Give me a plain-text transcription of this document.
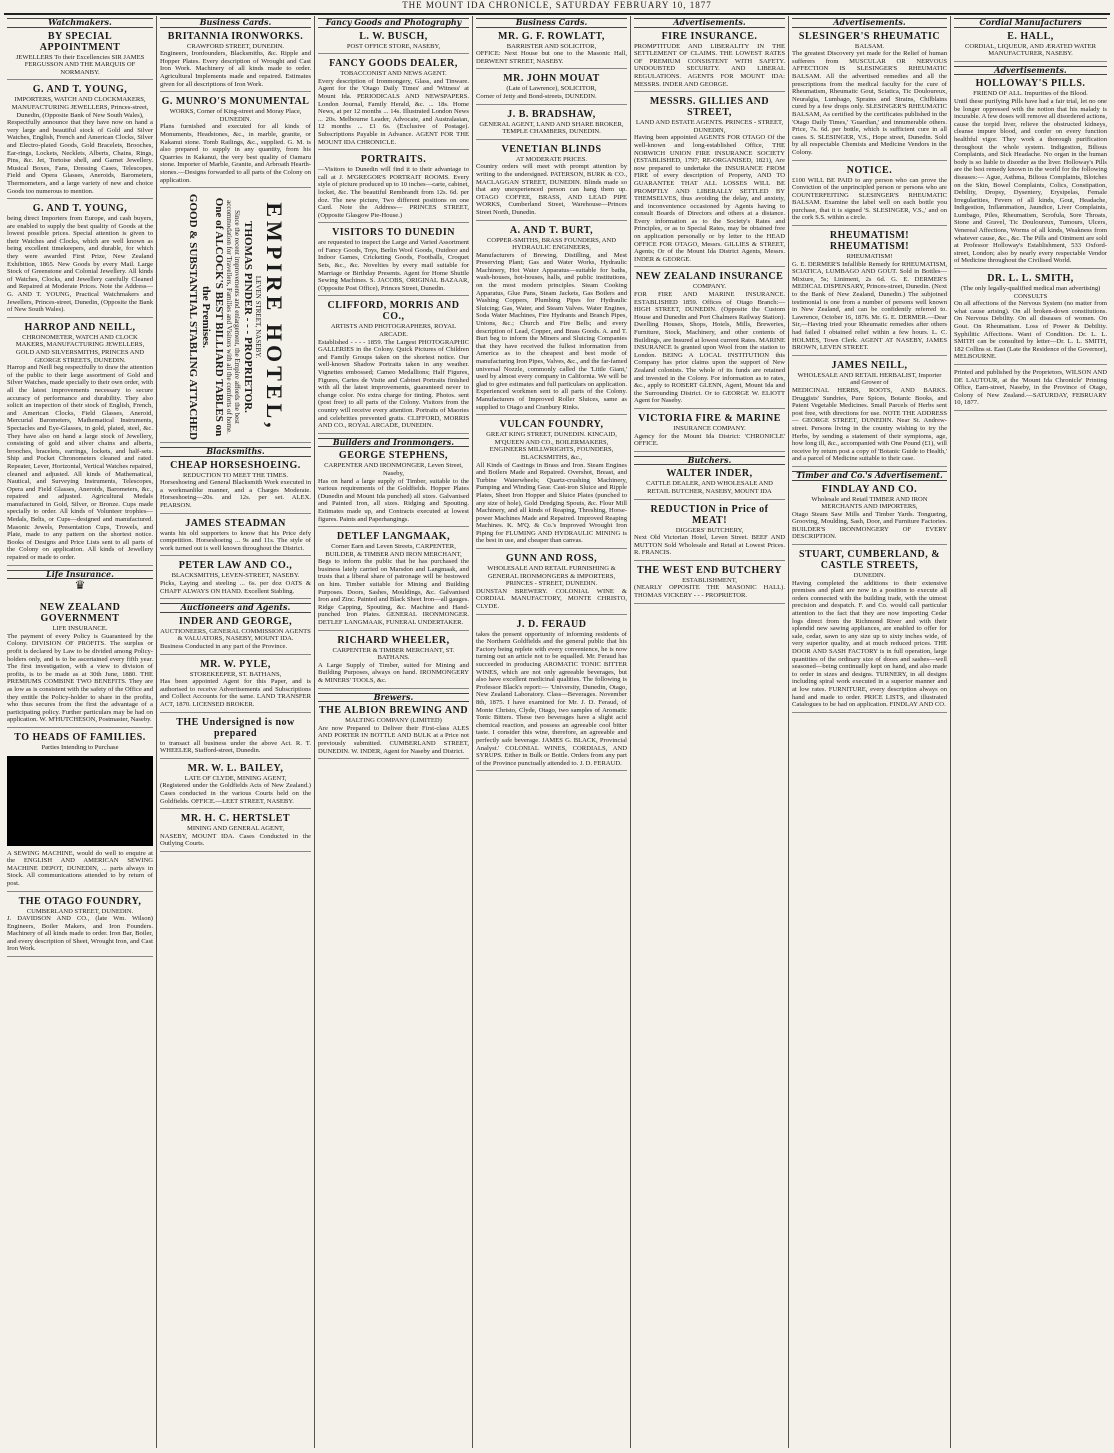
THE MOUNT IDA CHRONICLE, SATURDAY FEBRUARY 10, 1877
Watchmakers.
BY SPECIAL APPOINTMENT
JEWELLERS To their Excellencies SIR JAMES FERGUSSON AND THE MARQUIS OF NORMANBY.
G. AND T. YOUNG,
IMPORTERS, WATCH AND CLOCKMAKERS, MANUFACTURING JEWELLERS, Princes-street, Dunedin, (Opposite Bank of New South Wales),
Respectfully announce that they have now on hand a very large and beautiful stock of Gold and Silver Watches, English, French and American Clocks, Silver and Electro-plated Goods, Gold Bracelets, Brooches, Ear-rings, Lockets, Necklets, Alberts, Chains, Rings, Pins, &c. Jet, Tortoise shell, and Garnet Jewellery. Musical Boxes, Fans, Dressing Cases, Telescopes, Field and Opera Glasses, Aneroids, Barometers, Thermometers, and a large variety of new and choice Goods too numerous to mention.
G. AND T. YOUNG,
being direct Importers from Europe, and cash buyers, are enabled to supply the best quality of Goods at the lowest possible prices. Special attention is given to their Watches and Clocks, which are well known as being excellent timekeepers, and durable, for which they were awarded First Prize, New Zealand Exhibition, 1865. New Goods by every Mail. Large Stock of Greenstone and Colonial Jewellery. All kinds of Watches, Clocks, and Jewellery carefully Cleaned and Repaired at Moderate Prices. Note the Address— G. AND T. YOUNG, Practical Watchmakers and Jewellers, Princes-street, Dunedin, (Opposite the Bank of New South Wales).
HARROP AND NEILL,
CHRONOMETER, WATCH AND CLOCK MAKERS, MANUFACTURING JEWELLERS, GOLD AND SILVERSMITHS, PRINCES AND GEORGE STREETS, DUNEDIN.
Harrop and Neill beg respectfully to draw the attention of the public to their large assortment of Gold and Silver Watches, made specially to their own order, with all the latest improvements necessary to secure accuracy of performance and durability. They also solicit an inspection of their stock of English, French, and American Clocks, Field Glasses, Aneroid, Mercurial Barometers, Mathematical Instruments, Spectacles and Eye-Glasses, in gold, plated, steel, &c. They have also on hand a large stock of Jewellery, consisting of gold and silver chains and alberts, brooches, bracelets, earrings, lockets, and half-sets. Ship and Pocket Chronometers cleaned and rated. Repeater, Lever, Horizontal, Vertical Watches repaired, cleaned and adjusted. All kinds of Mathematical, Nautical, and Surveying Instruments, Telescopes, Opera and Field Glasses, Aneroids, Barometers, &c., repaired and adjusted. Agricultural Medals manufactured in Gold, Silver, or Bronze. Cups made specially to order. All kinds of Volunteer trophies—Medals, Belts, or Cups—designed and manufactured. Masonic Jewels, Presentation Cups, Trowels, and Plate, made to any pattern on the shortest notice. Books of Designs and Price Lists sent to all parts of the Colony on application. All kinds of Jewellery repaired or made to order.
Life Insurance.
♛
NEW ZEALAND GOVERNMENT
LIFE INSURANCE.
The payment of every Policy is Guaranteed by the Colony. DIVISION OF PROFITS. The surplus or profit is declared by Law to be divided among Policy-holders only, and is to be ascertained every fifth year. The first investigation, with a view to division of profits, is to be made as at 30th June, 1880. THE PREMIUMS COMBINE TWO BENEFITS. They are as low as is consistent with the safety of the Office and they entitle the Policy-holder to share in the profits, who thus secures from the first the advantage of a participating policy. Further particulars may be had on application. W. M'HUTCHESON, Postmaster, Naseby.
TO HEADS OF FAMILIES.
Parties Intending to Purchase
A SEWING MACHINE, would do well to enquire at the ENGLISH AND AMERICAN SEWING MACHINE DEPOT, DUNEDIN, ... parts always in Stock. All communications attended to by return of post.
THE OTAGO FOUNDRY,
CUMBERLAND STREET, DUNEDIN.
J. DAVIDSON AND CO., (late Wm. Wilson) Engineers, Boiler Makers, and Iron Founders. Machinery of all kinds made to order. Iron Bar, Boiler, and every description of Sheet, Wrought Iron, and Cast Iron Work.
Business Cards.
BRITANNIA IRONWORKS.
CRAWFORD STREET, DUNEDIN.
Engineers, Ironfounders, Blacksmiths, &c. Ripple and Hopper Plates. Every description of Wrought and Cast Iron Work. Machinery of all kinds made to order. Agricultural Implements made and repaired. Estimates given for all descriptions of Iron Work.
G. MUNRO'S MONUMENTAL
WORKS, Corner of King-street and Moray Place, DUNEDIN.
Plans furnished and executed for all kinds of Monuments, Headstones, &c., in marble, granite, or Kakanui stone. Tomb Railings, &c., supplied. G. M. is also prepared to supply in any quantity, from his Quarries in Kakanui, the very best quality of Oamaru stone. Importer of Marble, Granite, and Arbroath Hearth-stones.—Designs forwarded to all parts of the Colony on application.
EMPIRE HOTEL,
LEVEN STREET, NASEBY.
THOMAS PINDER - - - PROPRIETOR.
Since the recent improvements and enlargement, the Empire affords the best accommodation for Travellers, Families and Visitors with all the comforts of home.
One of ALCOCK'S BEST BILLIARD TABLES on the Premises.
GOOD & SUBSTANTIAL STABLING ATTACHED
Blacksmiths.
CHEAP HORSESHOEING.
REDUCTION TO MEET THE TIMES.
Horseshoeing and General Blacksmith Work executed in a workmanlike manner, and a Charges Moderate. Horseshoeing—20s. and 12s. per set. ALEX. PEARSON.
JAMES STEADMAN
wants his old supporters to know that his Price defy competition. Horseshoeing ... 9s and 11s. The style of work turned out is well known throughout the District.
PETER LAW AND CO.,
BLACKSMITHS, LEVEN-STREET, NASEBY.
Picks, Laying and steeling ... 6s. per doz OATS & CHAFF ALWAYS ON HAND. Excellent Stabling.
Auctioneers and Agents.
INDER AND GEORGE,
AUCTIONEERS, GENERAL COMMISSION AGENTS & VALUATORS, NASEBY, MOUNT IDA.
Business Conducted in any part of the Province.
MR. W. PYLE,
STOREKEEPER, ST. BATHANS,
Has been appointed Agent for this Paper, and is authorised to receive Advertisements and Subscriptions and Collect Accounts for the same. LAND TRANSFER ACT, 1870. LICENSED BROKER.
THE Undersigned is now prepared
to transact all business under the above Act. R. T. WHEELER, Stafford-street, Dunedin.
MR. W. L. BAILEY,
LATE OF CLYDE, MINING AGENT,
(Registered under the Goldfields Acts of New Zealand.) Cases conducted in the various Courts held on the Goldfields. OFFICE.—LEET STREET, NASEBY.
MR. H. C. HERTSLET
MINING AND GENERAL AGENT,
NASEBY, MOUNT IDA. Cases Conducted in the Outlying Courts.
Fancy Goods and Photography
L. W. BUSCH,
POST OFFICE STORE, NASEBY,
FANCY GOODS DEALER,
TOBACCONIST AND NEWS AGENT.
Every description of Ironmongery, Glass, and Tinware. Agent for the 'Otago Daily Times' and 'Witness' at Mount Ida. PERIODICALS AND NEWSPAPERS. London Journal, Family Herald, &c. ... 18s. Home News, at per 12 months ... 14s. Illustrated London News ... 20s. Melbourne Leader, Advocate, and Australasian, 12 months ... £1 6s. (Exclusive of Postage). Subscriptions Payable in Advance. AGENT FOR THE MOUNT IDA CHRONICLE.
PORTRAITS.
—Visitors to Dunedin will find it to their advantage to call at J. M'GREGOR'S PORTRAIT ROOMS. Every style of picture produced up to 10 inches—carte, cabinet, locket, &c. The beautiful Rembrandt from 12s. 6d. per doz. The new picture, Two different positions on one Card. Note the Address— PRINCES STREET, (Opposite Glasgow Pie-House.)
VISITORS TO DUNEDIN
are requested to inspect the Large and Varied Assortment of Fancy Goods, Toys, Berlin Wool Goods, Outdoor and Indoor Games, Cricketing Goods, Footballs, Croquet Sets, &c., &c. Novelties by every mail suitable for Marriage or Birthday Presents. Agent for Home Shuttle Sewing Machines. S. JACOBS, ORIGINAL BAZAAR, (Opposite Post Office), Princes Street, Dunedin.
CLIFFORD, MORRIS AND CO.,
ARTISTS AND PHOTOGRAPHERS, ROYAL ARCADE.
Established - - - - 1859. The Largest PHOTOGRAPHIC GALLERIES in the Colony. Quick Pictures of Children and Family Groups taken on the shortest notice. Our well-known Shadow Portraits taken in any weather. Vignettes embossed; Cameo Medallions; Half Figures, Figures, Cartes de Visite and Cabinet Portraits finished with all the latest improvements, guaranteed never to change color. No extra charge for tinting. Photos. sent (post free) to all parts of the Colony. Visitors from the country will receive every attention. Portraits of Maories and celebrities prevented gratis. CLIFFORD, MORRIS AND CO., ROYAL ARCADE, DUNEDIN.
Builders and Ironmongers.
GEORGE STEPHENS,
CARPENTER AND IRONMONGER, Leven Street, Naseby,
Has on hand a large supply of Timber, suitable to the various requirements of the Goldfields. Hopper Plates (Dunedin and Mount Ida punched) all sizes. Galvanised and Painted Iron, all sizes. Ridging and Spouting. Estimates made up, and Contracts executed at lowest figures. Paints and Paperhangings.
DETLEF LANGMAAK,
Corner Earn and Leven Streets, CARPENTER, BUILDER, & TIMBER AND IRON MERCHANT,
Begs to inform the public that he has purchased the business lately carried on Marsdon and Langmaak, and trusts that a liberal share of patronage will be bestowed on him. Timber suitable for Mining and Building Purposes. Doors, Sashes, Mouldings, &c. Galvanised Iron and Zinc. Painted and Black Sheet Iron—all gauges. Ridge Capping, Spouting, &c. Machine and Hand-punched Iron Plates. GENERAL IRONMONGER. DETLEF LANGMAAK, FUNERAL UNDERTAKER.
RICHARD WHEELER,
CARPENTER & TIMBER MERCHANT, ST. BATHANS.
A Large Supply of Timber, suited for Mining and Building Purposes, always on hand. IRONMONGERY & MINERS' TOOLS, &c.
Brewers.
THE ALBION BREWING AND
MALTING COMPANY (LIMITED)
Are now Prepared to Deliver their First-class ALES AND PORTER IN BOTTLE AND BULK at a Price not previously submitted. CUMBERLAND STREET, DUNEDIN. W. INDER, Agent for Naseby and District.
Business Cards.
MR. G. F. ROWLATT,
BARRISTER AND SOLICITOR,
OFFICE: Next House but one to the Masonic Hall, DERWENT STREET, NASEBY.
MR. JOHN MOUAT
(Late of Lawrence), SOLICITOR,
Corner of Jetty and Bond-streets, DUNEDIN.
J. B. BRADSHAW,
GENERAL AGENT, LAND AND SHARE BROKER, TEMPLE CHAMBERS, DUNEDIN.
VENETIAN BLINDS
AT MODERATE PRICES.
Country orders will meet with prompt attention by writing to the undersigned. PATERSON, BURK & CO., MACLAGGAN STREET, DUNEDIN. Blinds made so that any unexperienced person can hang them up. OTAGO COFFEE, BRASS, AND LEAD PIPE WORKS, Cumberland Street, Warehouse—Princes Street North, Dunedin.
A. AND T. BURT,
COPPER-SMITHS, BRASS FOUNDERS, AND HYDRAULIC ENGINEERS,
Manufacturers of Brewing, Distilling, and Mest Preserving Plant; Gas and Water Works, Hydraulic Machinery, Hot Water Apparatus—suitable for baths, wash-houses, hot-houses, halls, and public institutions, on the most modern principles. Steam Cooking Apparatus, Glue Pans, Steam Jackets, Gas Boilers and Washing Coppers, Plumbing Pipes for Hydraulic Sluicing; Gas, Water, and Steam Valves. Water Engines, Soda Water Machines, Fire Hydrants and Branch Pipes, Unions, &c.; Church and Fire Bells; and every description of Lead, Copper, and Brass Goods. A. and T. Burt beg to inform the Miners and Sluicing Companies that they have received the fullest information from America as to the cheapest and best mode of manufacturing Iron Pipes, Valves, &c., and the far-famed universal Nozzle, commonly called the 'Little Giant,' used by almost every company in California. We will be glad to give estimates and full particulars on application. Experienced workmen sent to all parts of the Colony. Manufacturers of Improved Roller Sluices, same as supplied to Otago and Cranbury Rinks.
VULCAN FOUNDRY,
GREAT KING STREET, DUNEDIN. KINCAID, M'QUEEN AND CO., BOILERMAKERS, ENGINEERS MILLWRIGHTS, FOUNDERS, BLACKSMITHS, &c.,
All Kinds of Castings in Brass and Iron. Steam Engines and Boilers Made and Repaired. Overshot, Breast, and Turbine Waterwheels; Quartz-crushing Machinery, Pumping and Winding Gear. Cast-iron Sluice and Ripple Plates, Sheet Iron Hopper and Sluice Plates (punched to any size of hole), Gold Dredging Spouts, &c. Flour Mill Machinery, and all kinds of Reaping, Threshing, Horse-power Machines Made and Repaired. Improved Reaping Machines. K. M'Q. & Co.'s Improved Wrought Iron Piping for FLUMING AND HYDRAULIC MINING is the best in use, and cheaper than canvas.
GUNN AND ROSS,
WHOLESALE AND RETAIL FURNISHING & GENERAL IRONMONGERS & IMPORTERS, PRINCES - STREET, DUNEDIN.
DUNSTAN BREWERY. COLONIAL WINE & CORDIAL MANUFACTORY, MONTE CHRISTO, CLYDE.
J. D. FERAUD
takes the present opportunity of informing residents of the Northern Goldfields and the general public that his Factory being replete with every convenience, he is now turning out an article not to be equalled. Mr. Feraud has succeeded in producing AROMATIC TONIC BITTER WINES, which are not only agreeable beverages, but also have excellent medicinal qualities. The following is Professor Black's report:— 'University, Dunedin, Otago, New Zealand Laboratory. Class—Beverages. November 8th, 1875. I have examined for Mr. J. D. Feraud, of Monte Christo, Clyde, Otago, two samples of Aromatic Tonic Bitters. These two beverages have a slight acid chemical reaction, and possess an agreeable cool bitter taste. I consider this wine, therefore, an agreeable and perfectly safe beverage. JAMES G. BLACK, Provincial Analyst.' COLONIAL WINES, CORDIALS, AND SYRUPS. Either in Bulk or Bottle. Orders from any part of the Province punctually attended to. J. D. FERAUD.
Advertisements.
FIRE INSURANCE.
PROMPTITUDE AND LIBERALITY IN THE SETTLEMENT OF CLAIMS. THE LOWEST RATES OF PREMIUM CONSISTENT WITH SAFETY. UNDOUBTED SECURITY. AND LIBERAL REGULATIONS. AGENTS FOR MOUNT IDA: MESSRS. INDER AND GEORGE.
MESSRS. GILLIES AND STREET,
LAND AND ESTATE AGENTS. PRINCES - STREET, DUNEDIN,
Having been appointed AGENTS FOR OTAGO Of the well-known and long-established Office, THE NORWICH UNION FIRE INSURANCE SOCIETY (ESTABLISHED, 1797; RE-ORGANISED, 1821), Are now prepared to undertake the INSURANCE FROM FIRE of every description of Property, AND TO GUARANTEE THAT ALL LOSSES WILL BE PROMPTLY AND LIBERALLY SETTLED BY THEMSELVES, thus avoiding the delay, and anxiety, and inconvenience occasioned by Agents having to consult Boards of Directors and others at a distance. Every information as to the Society's Rates and Principles, or as to Special Rates, may be obtained free on application personally or by letter to the HEAD OFFICE FOR OTAGO, Messrs. GILLIES & STREET, Agents; Or of the Mount Ida District Agents, Messrs. INDER & GEORGE.
NEW ZEALAND INSURANCE
COMPANY.
FOR FIRE AND MARINE INSURANCE. ESTABLISHED 1859. Offices of Otago Branch:— HIGH STREET, DUNEDIN. (Opposite the Custom House and Dunedin and Port Chalmers Railway Station). Dwelling Houses, Shops, Hotels, Mills, Breweries, Furniture, Stock, Machinery, and other contents of Buildings, are Insured at lowest current Rates. MARINE INSURANCE Is granted upon Wool from the station to London. BEING A LOCAL INSTITUTION this Company has prior claims upon the support of New Zealand colonists. The whole of its funds are retained and invested in the Colony. For information as to rates, &c., apply to ROBERT GLENN, Agent, Mount Ida and the Surrounding District. Or to GEORGE W. ELIOTT Agent for Naseby.
VICTORIA FIRE & MARINE
INSURANCE COMPANY.
Agency for the Mount Ida District: 'CHRONICLE' OFFICE.
Butchers.
WALTER INDER,
CATTLE DEALER, AND WHOLESALE AND RETAIL BUTCHER, NASEBY, MOUNT IDA
REDUCTION in Price of MEAT!
DIGGERS' BUTCHERY,
Next Old Victorian Hotel, Leven Street. BEEF AND MUTTON Sold Wholesale and Retail at Lowest Prices. R. FRANCIS.
THE WEST END BUTCHERY
ESTABLISHMENT,
(NEARLY OPPOSITE THE MASONIC HALL). THOMAS VICKERY - - - PROPRIETOR.
Advertisements.
SLESINGER'S RHEUMATIC
BALSAM.
The greatest Discovery yet made for the Relief of human sufferers from MUSCULAR OR NERVOUS AFFECTION IS SLESINGER'S RHEUMATIC BALSAM. All the advertised remedies and all the prescriptions from the medical faculty for the cure of Rheumatism, Rheumatic Gout, Sciatica, Tic Douloureux, Neuralgia, Lumbago, Sprains and Strains, Chilblains cured by a few drops only. SLESINGER'S RHEUMATIC BALSAM, As certified by the certificates published in the 'Otago Daily Times,' 'Guardian,' and innumerable others. Price, 7s. 6d. per bottle, which is sufficient cure in all cases. S. SLESINGER, V.S., Hope street, Dunedin. Sold by all respectable Chemists and Medicine Vendors in the Colony.
NOTICE.
£100 WILL BE PAID to any person who can prove the Conviction of the unprincipled person or persons who are COUNTERFEITING SLESINGER'S RHEUMATIC BALSAM. Examine the label well on each bottle you purchase, that it is signed 'S. SLESINGER, V.S.,' and on the cork S.S. within a circle.
RHEUMATISM! RHEUMATISM!
RHEUMATISM!
G. E. DERMER'S Infallible Remedy for RHEUMATISM, SCIATICA, LUMBAGO AND GOUT. Sold in Bottles—Mixture, 5s; Liniment, 2s 6d. G. E. DERMER'S MEDICAL DISPENSARY, Princes-street, Dunedin. (Next to the Bank of New Zealand, Dunedin.) The subjoined testimonial is one from a number of persons well known in New Zealand, and can be confidently referred to. Lawrence, October 16, 1876. Mr. G. E. DERMER.—Dear Sir,—Having tried your Rheumatic remedies after others had failed I obtained relief within a few hours. L. C. HOLMES, Town Clerk. AGENT AT NASEBY, JAMES BROWN, LEVEN STREET.
JAMES NEILL,
WHOLESALE AND RETAIL HERBALIST, Importer and Grower of
MEDICINAL HERBS, ROOTS, AND BARKS. Druggists' Sundries, Pure Spices, Botanic Books, and Patent Vegetable Medicines. Small Parcels of Herbs sent post free, with directions for use. NOTE THE ADDRESS— GEORGE STREET, DUNEDIN. Near St. Andrew-street. Persons living in the country wishing to try the Herbs, by sending a statement of their symptoms, age, how long ill, &c., accompanied with One Pound (£1), will receive by return post a copy of 'Botanic Guide to Health,' and a parcel of Medicine suitable to their case.
Timber and Co.'s Advertisement.
FINDLAY AND CO.
Wholesale and Retail TIMBER AND IRON MERCHANTS AND IMPORTERS,
Otago Steam Saw Mills and Timber Yards. Tongueing, Grooving, Moulding, Sash, Door, and Furniture Factories. BUILDER'S IRONMONGERY OF EVERY DESCRIPTION.
STUART, CUMBERLAND, & CASTLE STREETS,
DUNEDIN.
Having completed the additions to their extensive premises and plant are now in a position to execute all orders connected with the building trade, with the utmost precision and despatch. F. and Co. would call particular attention to the fact that they are now importing Cedar logs direct from the Richmond River and with their splendid new sawing appliances, are enabled to offer for sale, cedar, sawn to any size up to sixty inches wide, of very superior quality, and at much reduced prices. THE DOOR AND SASH FACTORY is in full operation, large quantities of the ordinary size of doors and sashes—well seasoned—being continually kept on hand, and also made to order in sizes and designs. TURNERY, in all designs including spiral work executed in a superior manner and at low rates. FURNITURE, every description always on hand and made to order. PRICE LISTS, and illustrated Catalogues to be had on application. FINDLAY AND CO.
Cordial Manufacturers
E. HALL,
CORDIAL, LIQUEUR, AND ÆRATED WATER MANUFACTURER, NASEBY.
Advertisements.
HOLLOWAY'S PILLS.
FRIEND OF ALL. Impurities of the Blood.
Until these purifying Pills have had a fair trial, let no one be longer oppressed with the notion that his malady is incurable. A few doses will remove all disordered actions, cause the torpid liver, relieve the obstructed kidneys, cleanse impure blood, and confer on every function healthful vigor. They work a thorough purification throughout the whole system. Indigestion, Bilious Complaints, and Sick Headache. No organ in the human body is so liable to disorder as the liver. Holloway's Pills are the best remedy known in the world for the following diseases:— Ague, Asthma, Bilious Complaints, Blotches on the Skin, Bowel Complaints, Colics, Constipation, Debility, Dropsy, Dysentery, Erysipelas, Female Irregularities, Fevers of all kinds, Gout, Headache, Indigestion, Inflammation, Jaundice, Liver Complaints, Lumbago, Piles, Rheumatism, Scrofula, Sore Throats, Stone and Gravel, Tic Douloureux, Tumours, Ulcers, Venereal Affections, Worms of all kinds, Weakness from whatever cause, &c., &c. The Pills and Ointment are sold at Professor Holloway's Establishment, 533 Oxford-street, London; also by nearly every respectable Vendor of Medicine throughout the Civilised World.
DR. L. L. SMITH,
(The only legally-qualified medical man advertising) CONSULTS
On all affections of the Nervous System (no matter from what cause arising). On all broken-down constitutions. On Nervous Debility. On all diseases of women. On Gout. On Rheumatism. Loss of Power & Debility. Syphilitic Affections. Want of Condition. Dr. L. L. SMITH can be consulted by letter—Dr. L. L. SMITH, 182 Collins st. East (Late the Residence of the Governor), MELBOURNE.
Printed and published by the Proprietors, WILSON AND DE LAUTOUR, at the 'Mount Ida Chronicle' Printing Office, Earn-street, Naseby, in the Province of Otago, Colony of New Zealand.—SATURDAY, FEBRUARY 10, 1877.
